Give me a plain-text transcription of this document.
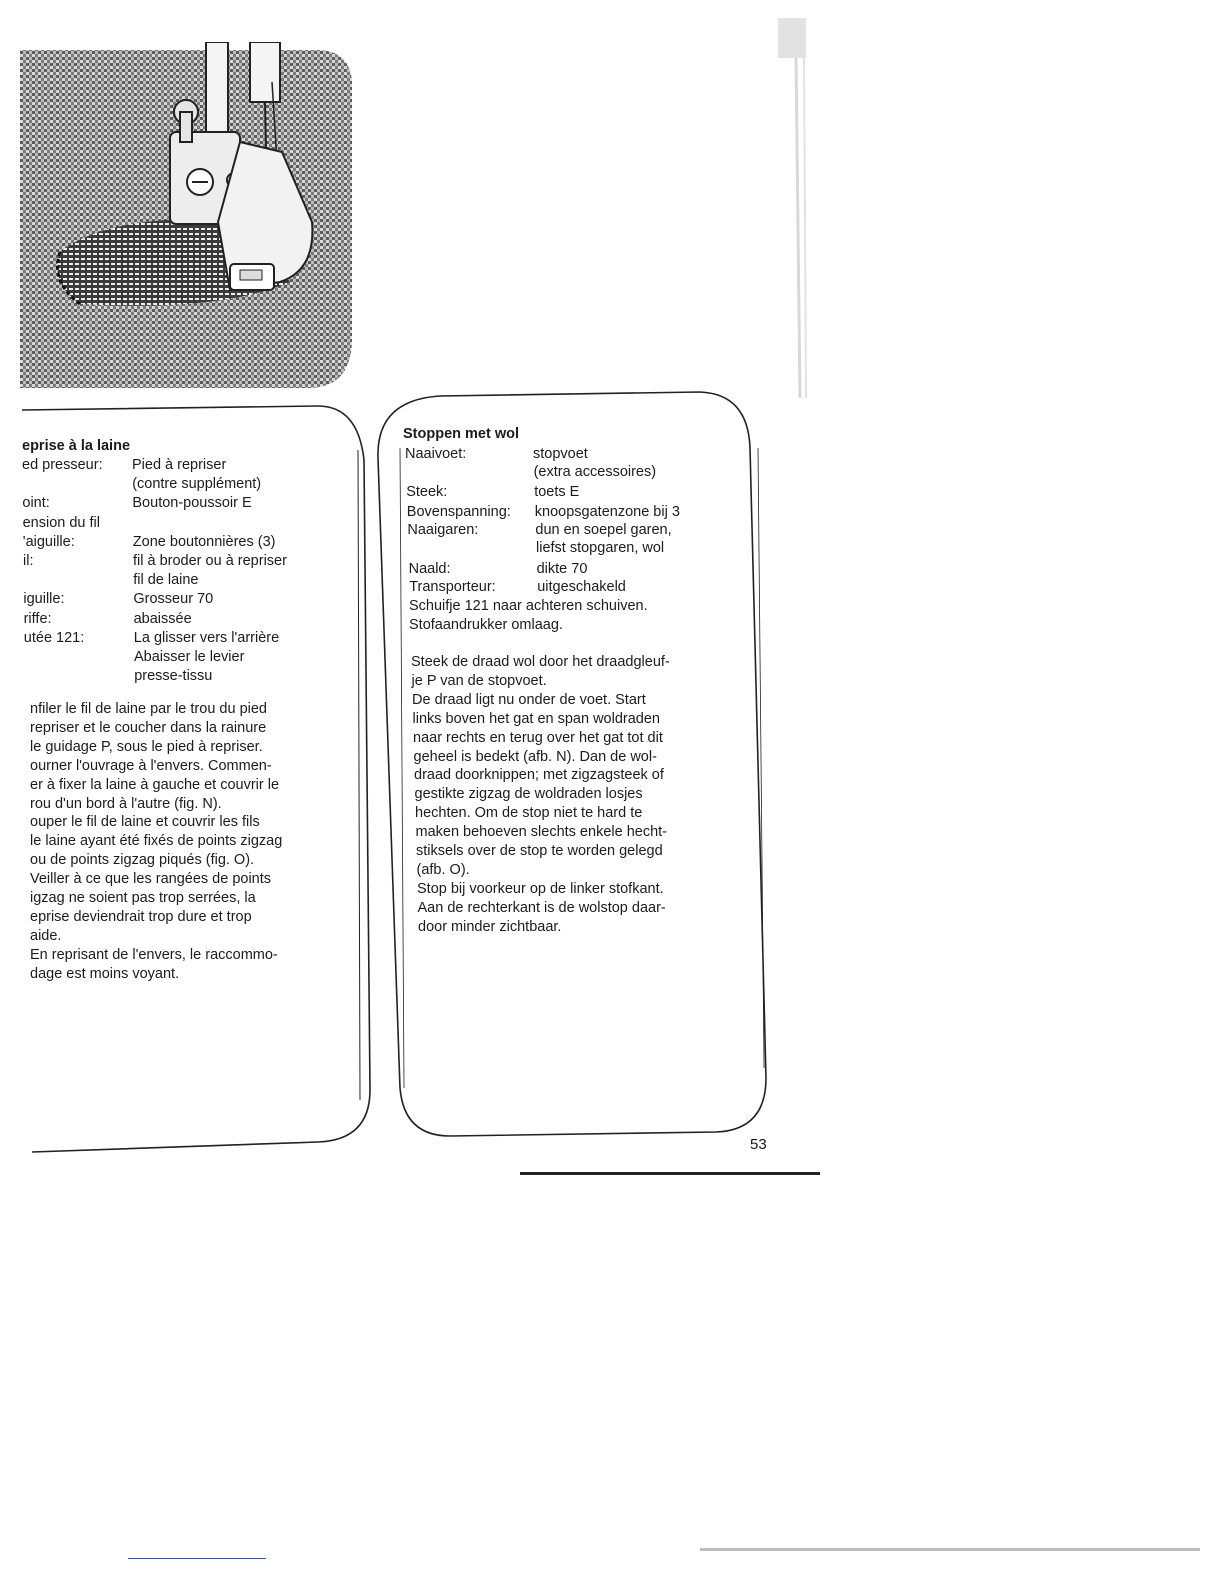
eprise à la laine
ed presseur: Pied à repriser
(contre supplément)
oint:	Bouton-poussoir E
ension du fil
'aiguille:	Zone boutonnières (3)
il:	fil à broder ou à repriser
fil de laine
iguille:	Grosseur 70
riffe:	abaissée
utée 121:	La glisser vers l'arrière
Abaisser le levier
presse-tissu
nfiler le fil de laine par le trou du pied
repriser et le coucher dans la rainure
le guidage P, sous le pied à repriser.
ourner l'ouvrage à l'envers. Commen-
er à fixer la laine à gauche et couvrir le
rou d'un bord à l'autre (fig. N).
ouper le fil de laine et couvrir les fils
le laine ayant été fixés de points zigzag
ou de points zigzag piqués (fig. O).
Veiller à ce que les rangées de points
igzag ne soient pas trop serrées, la
eprise deviendrait trop dure et trop
aide.
En reprisant de l'envers, le raccommo-
dage est moins voyant.
Stoppen met wol
Naaivoet:	stopvoet
(extra accessoires)
Steek:	toets E
Bovenspanning: knoopsgatenzone bij 3
Naaigaren:	dun en soepel garen,
liefst stopgaren, wol
Naald:	dikte 70
Transporteur:	uitgeschakeld
Schuifje 121 naar achteren schuiven.
Stofaandrukker omlaag.
Steek de draad wol door het draadgleuf-
je P van de stopvoet.
De draad ligt nu onder de voet. Start
links boven het gat en span woldraden
naar rechts en terug over het gat tot dit
geheel is bedekt (afb. N). Dan de wol-
draad doorknippen; met zigzagsteek of
gestikte zigzag de woldraden losjes
hechten. Om de stop niet te hard te
maken behoeven slechts enkele hecht-
stiksels over de stop te worden gelegd
(afb. O).
Stop bij voorkeur op de linker stofkant.
Aan de rechterkant is de wolstop daar-
door minder zichtbaar.
53
